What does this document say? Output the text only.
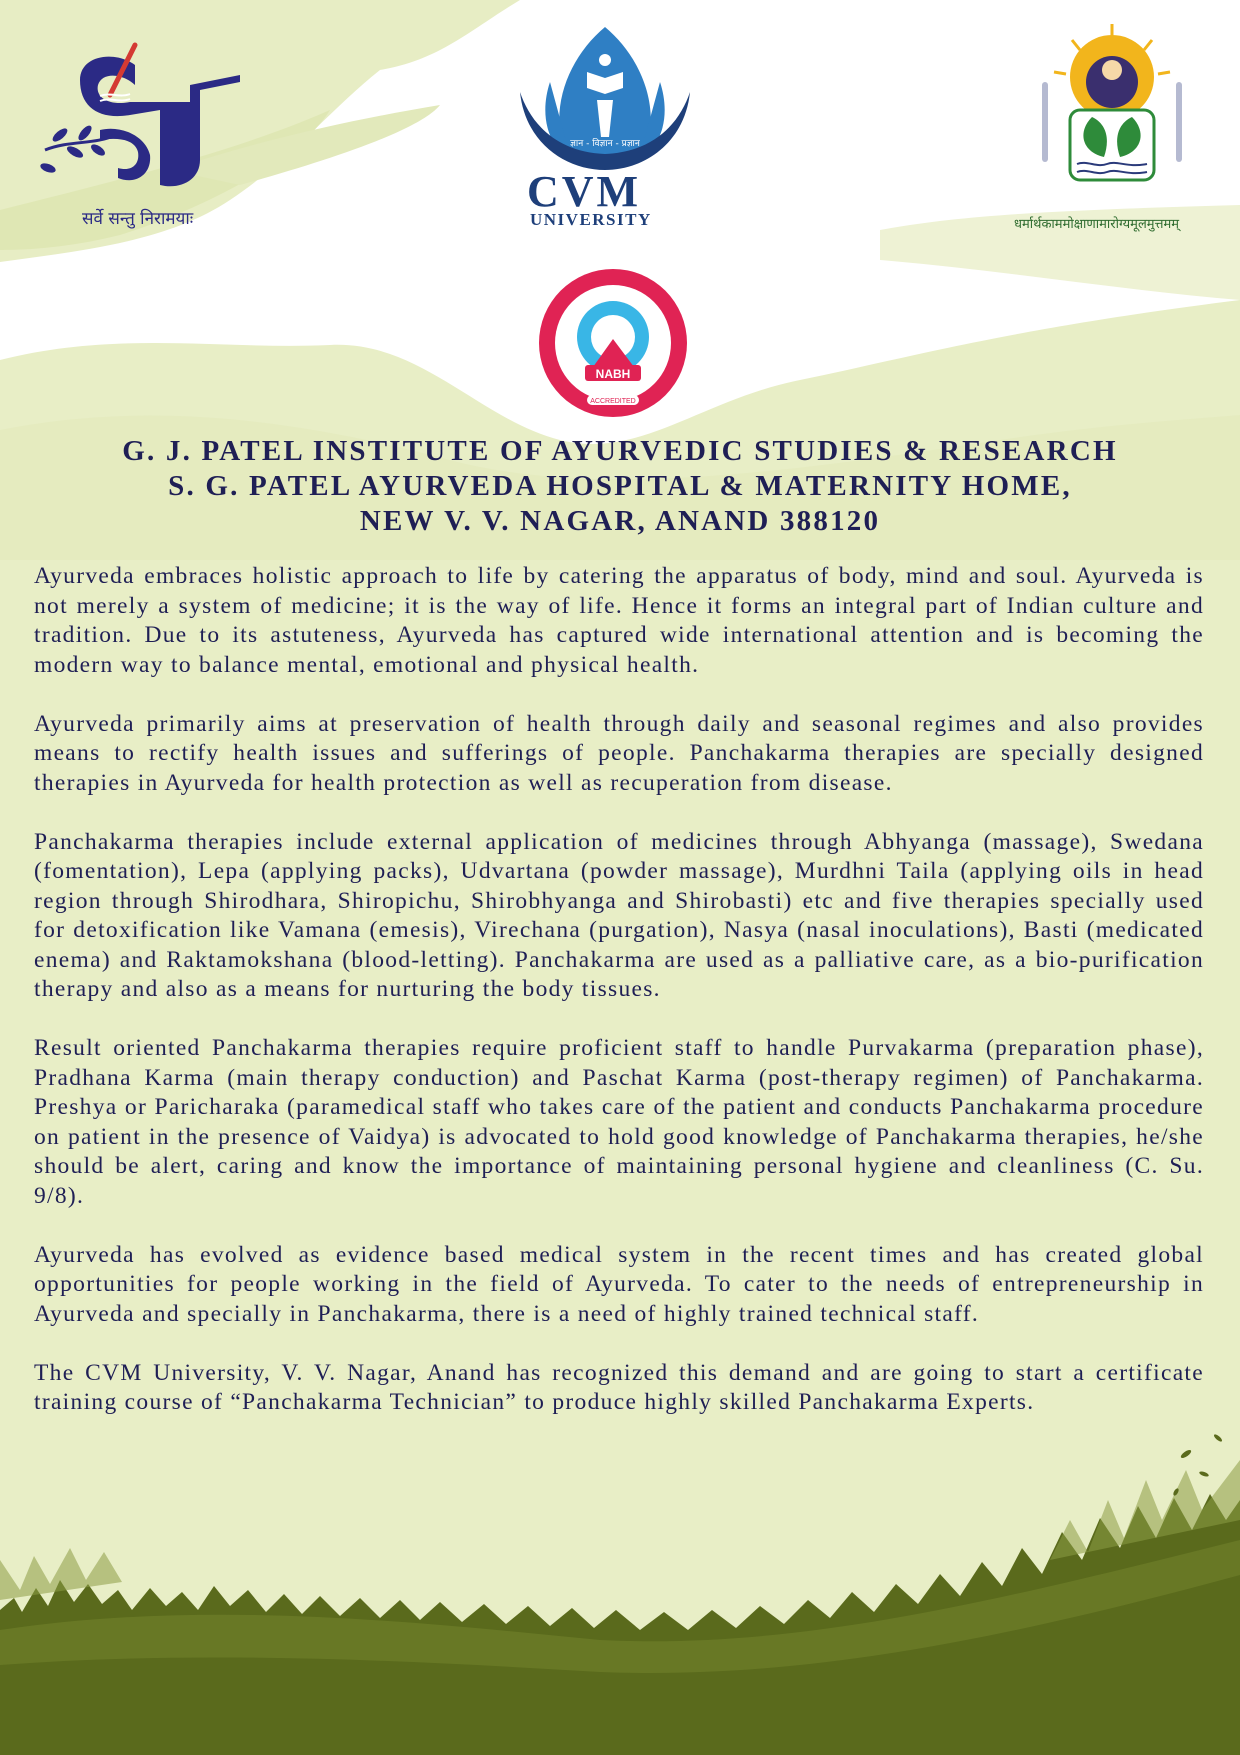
सर्वे सन्तु निरामयाः
ज्ञान - विज्ञान - प्रज्ञान
CVM
UNIVERSITY	धर्मार्थकाममोक्षाणामारोग्यमूलमुत्तमम्
NABH
ACCREDITED
G. J. PATEL INSTITUTE OF AYURVEDIC STUDIES & RESEARCH
S. G. PATEL AYURVEDA HOSPITAL & MATERNITY HOME,
NEW V. V. NAGAR, ANAND 388120

Ayurveda embraces holistic approach to life by catering the apparatus of body, mind and soul. Ayurveda is not merely a system of medicine; it is the way of life. Hence it forms an integral part of Indian culture and tradition. Due to its astuteness, Ayurveda has captured wide international attention and is becoming the modern way to balance mental, emotional and physical health.

Ayurveda primarily aims at preservation of health through daily and seasonal regimes and also provides means to rectify health issues and sufferings of people. Panchakarma therapies are specially designed therapies in Ayurveda for health protection as well as recuperation from disease.

Panchakarma therapies include external application of medicines through Abhyanga (massage), Swedana (fomentation), Lepa (applying packs), Udvartana (powder massage), Murdhni Taila (applying oils in head region through Shirodhara, Shiropichu, Shirobhyanga and Shirobasti) etc and five therapies specially used for detoxification like Vamana (emesis), Virechana (purgation), Nasya (nasal inoculations), Basti (medicated enema) and Raktamokshana (blood-letting). Panchakarma are used as a palliative care, as a bio-purification therapy and also as a means for nurturing the body tissues.

Result oriented Panchakarma therapies require proficient staff to handle Purvakarma (preparation phase), Pradhana Karma (main therapy conduction) and Paschat Karma (post-therapy regimen) of Panchakarma. Preshya or Paricharaka (paramedical staff who takes care of the patient and conducts Panchakarma procedure on patient in the presence of Vaidya) is advocated to hold good knowledge of Panchakarma therapies, he/she should be alert, caring and know the importance of maintaining personal hygiene and cleanliness (C. Su. 9/8).

Ayurveda has evolved as evidence based medical system in the recent times and has created global opportunities for people working in the field of Ayurveda. To cater to the needs of entrepreneurship in Ayurveda and specially in Panchakarma, there is a need of highly trained technical staff.

The CVM University, V. V. Nagar, Anand has recognized this demand and are going to start a certificate training course of “Panchakarma Technician” to produce highly skilled Panchakarma Experts.
